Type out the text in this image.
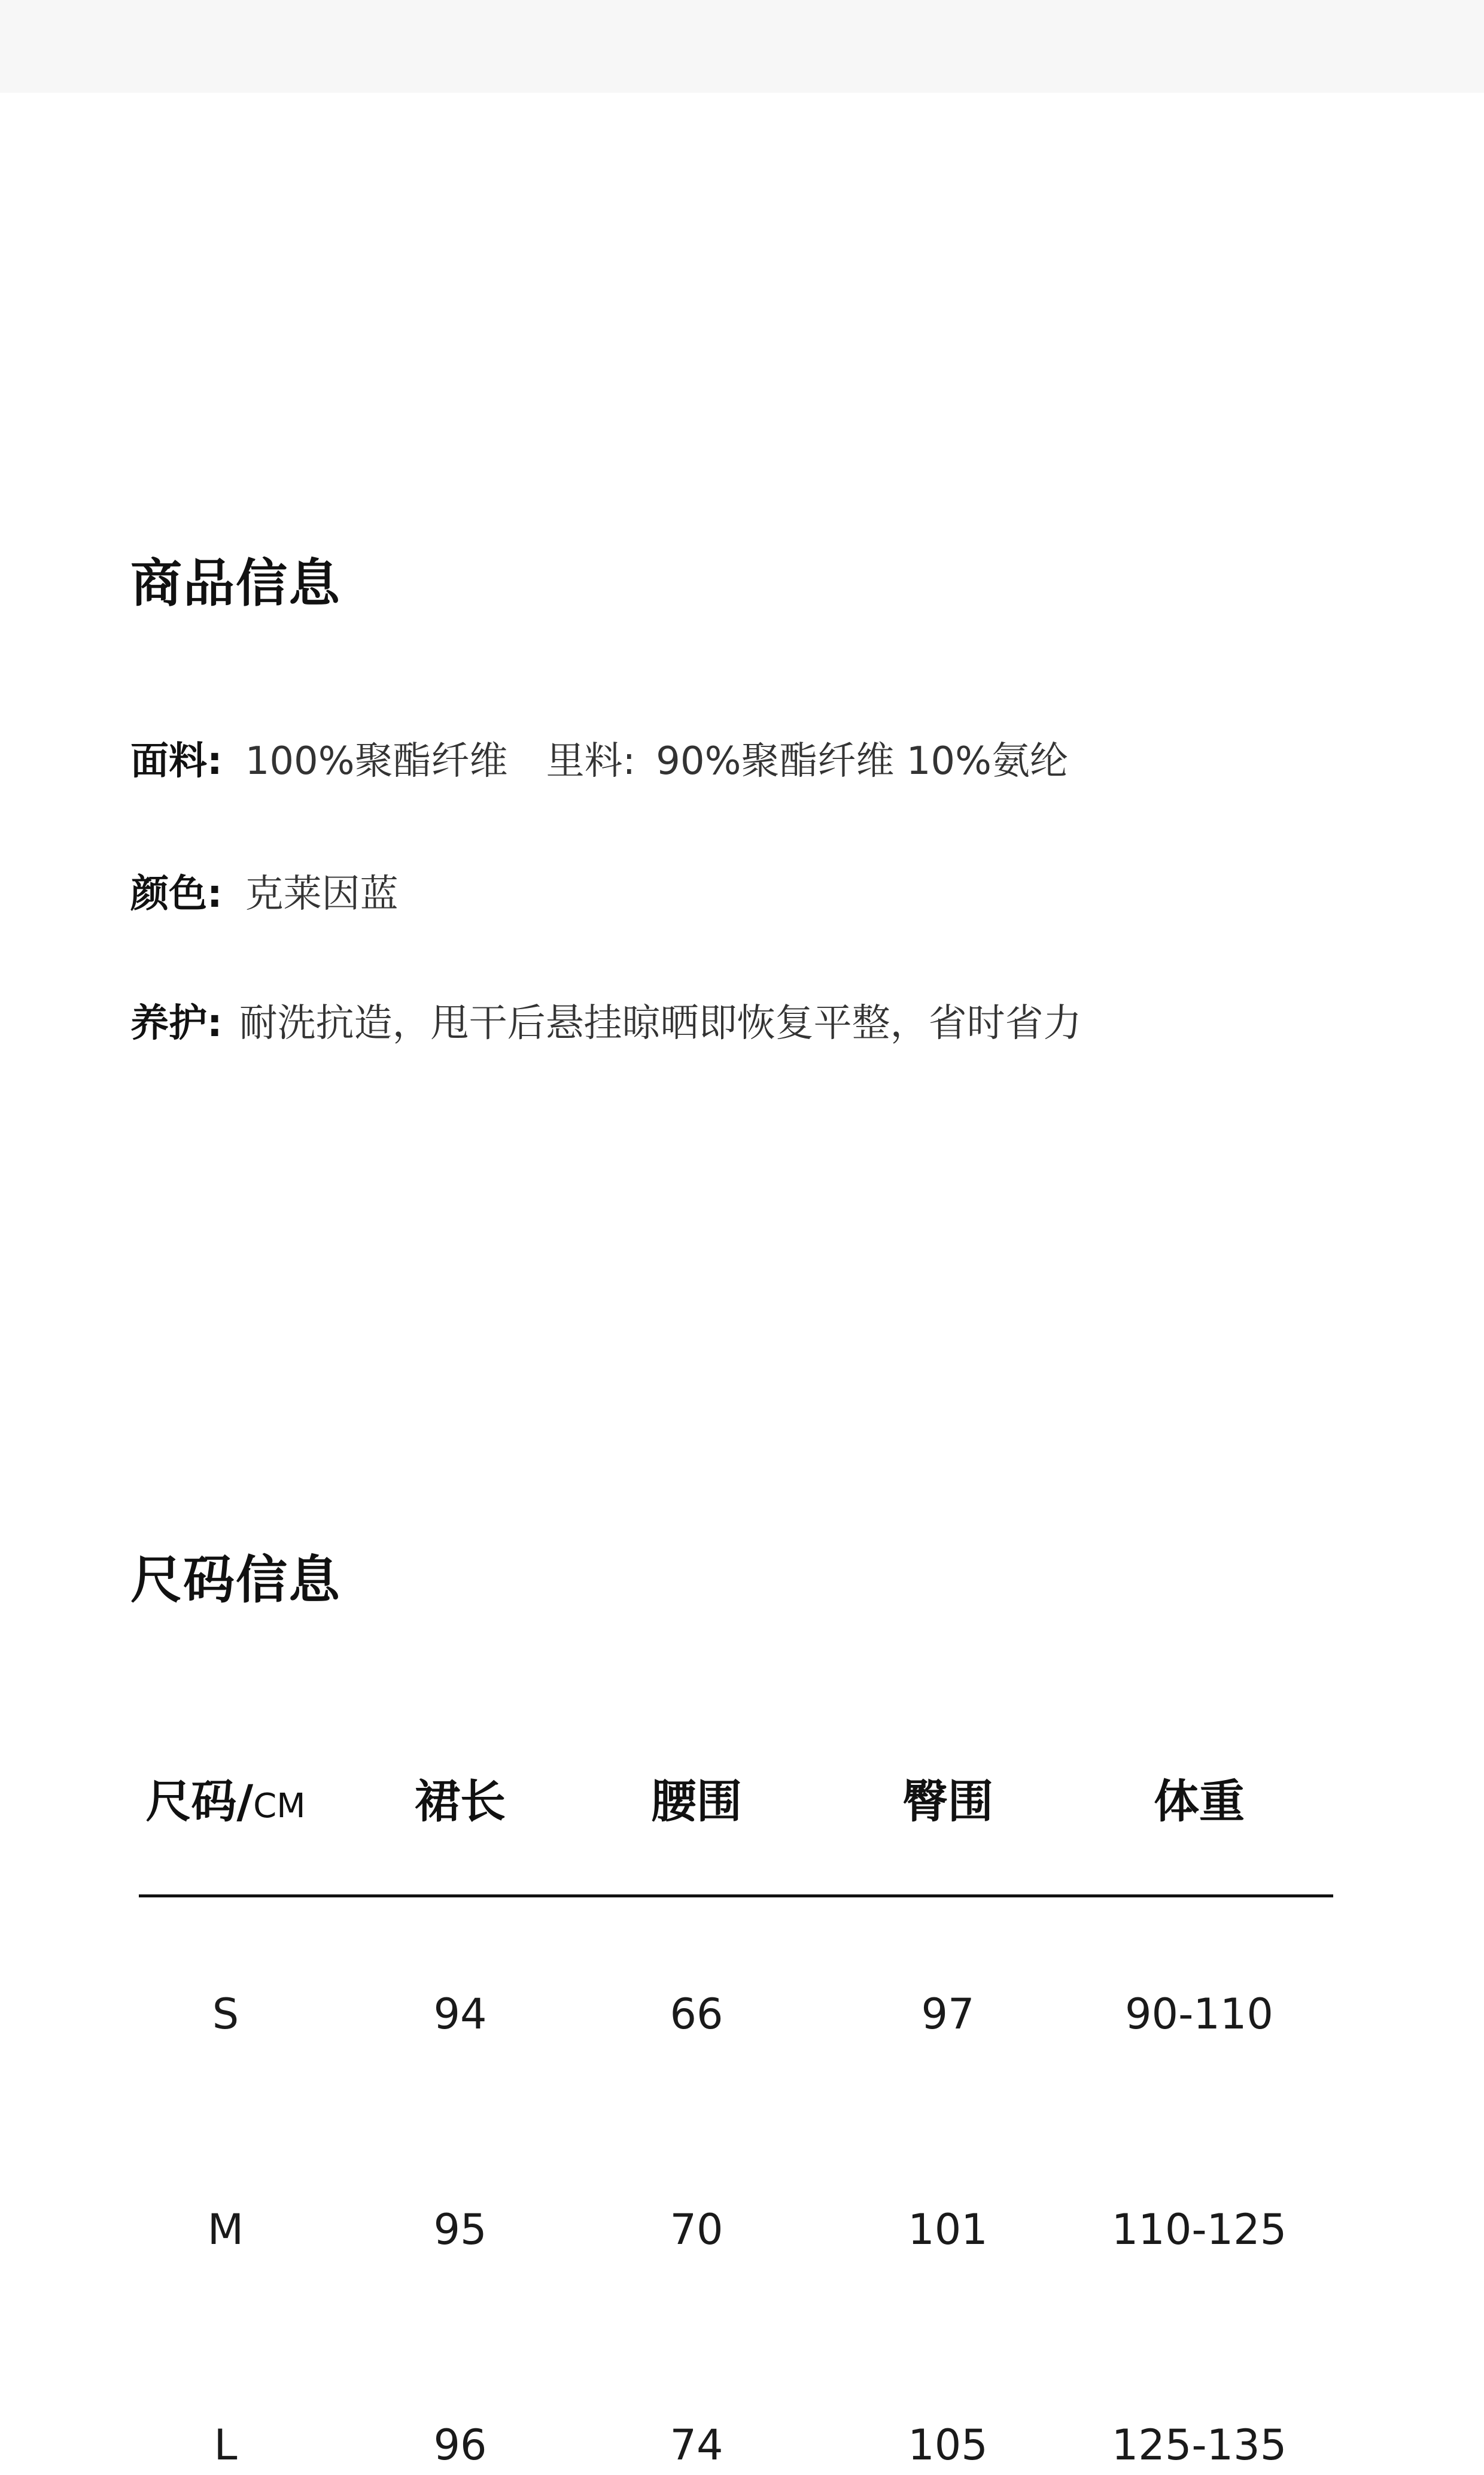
商品信息
面料: 100%聚酯纤维 里料: 90%聚酯纤维 10%氨纶
颜色: 克莱因蓝
养护: 耐洗抗造，甩干后悬挂晾晒即恢复平整，省时省力
尺码信息
尺码/CM	裙长	腰围	臀围	体重
S	94	66	97	90-110
M	95	70	101	110-125
L	96	74	105	125-135
